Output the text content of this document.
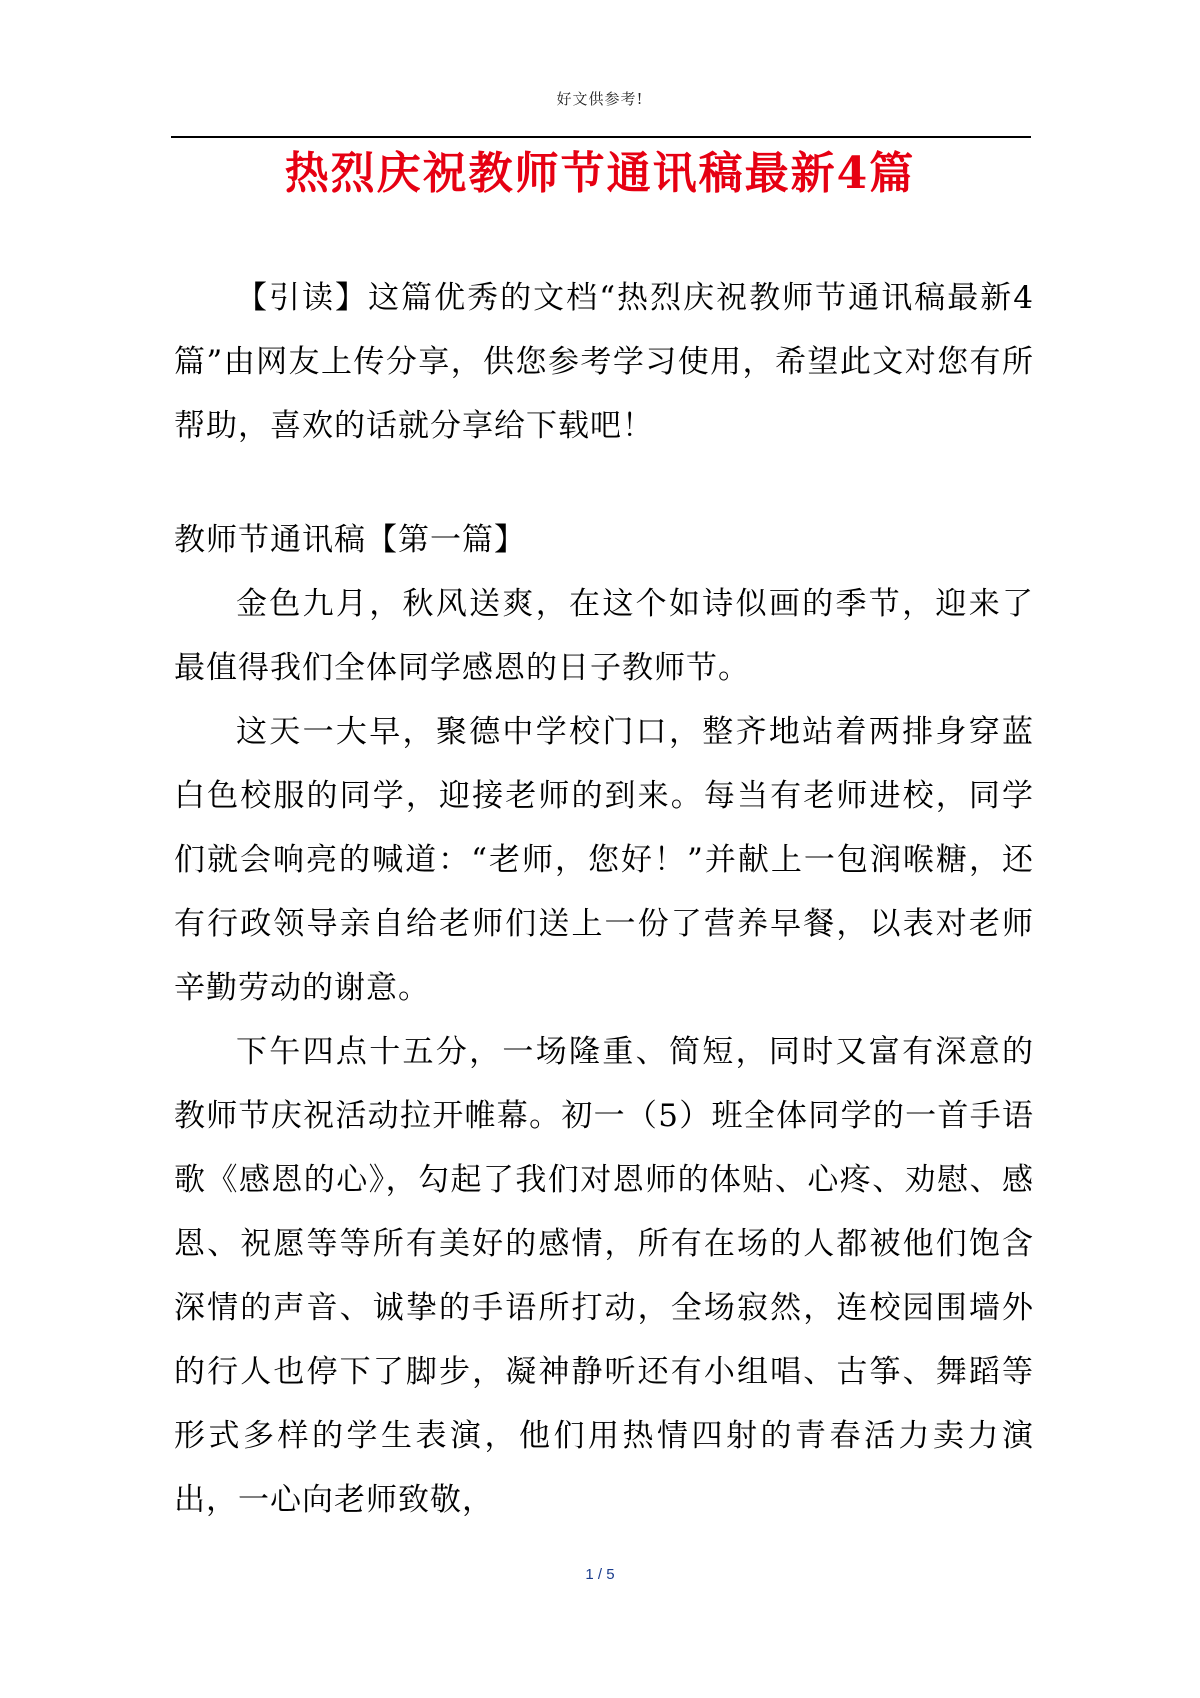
好文供参考!
热烈庆祝教师节通讯稿最新4篇

【引读】这篇优秀的文档“热烈庆祝教师节通讯稿最新4篇”由网友上传分享，供您参考学习使用，希望此文对您有所帮助，喜欢的话就分享给下载吧！

教师节通讯稿【第一篇】

金色九月，秋风送爽，在这个如诗似画的季节，迎来了最值得我们全体同学感恩的日子教师节。

这天一大早，聚德中学校门口，整齐地站着两排身穿蓝白色校服的同学，迎接老师的到来。每当有老师进校，同学们就会响亮的喊道：“老师，您好！”并献上一包润喉糖，还有行政领导亲自给老师们送上一份了营养早餐，以表对老师辛勤劳动的谢意。

下午四点十五分，一场隆重、简短，同时又富有深意的教师节庆祝活动拉开帷幕。初一（5）班全体同学的一首手语歌《感恩的心》，勾起了我们对恩师的体贴、心疼、劝慰、感恩、祝愿等等所有美好的感情，所有在场的人都被他们饱含深情的声音、诚挚的手语所打动，全场寂然，连校园围墙外的行人也停下了脚步，凝神静听还有小组唱、古筝、舞蹈等形式多样的学生表演，他们用热情四射的青春活力卖力演出，一心向老师致敬，

1 / 5
